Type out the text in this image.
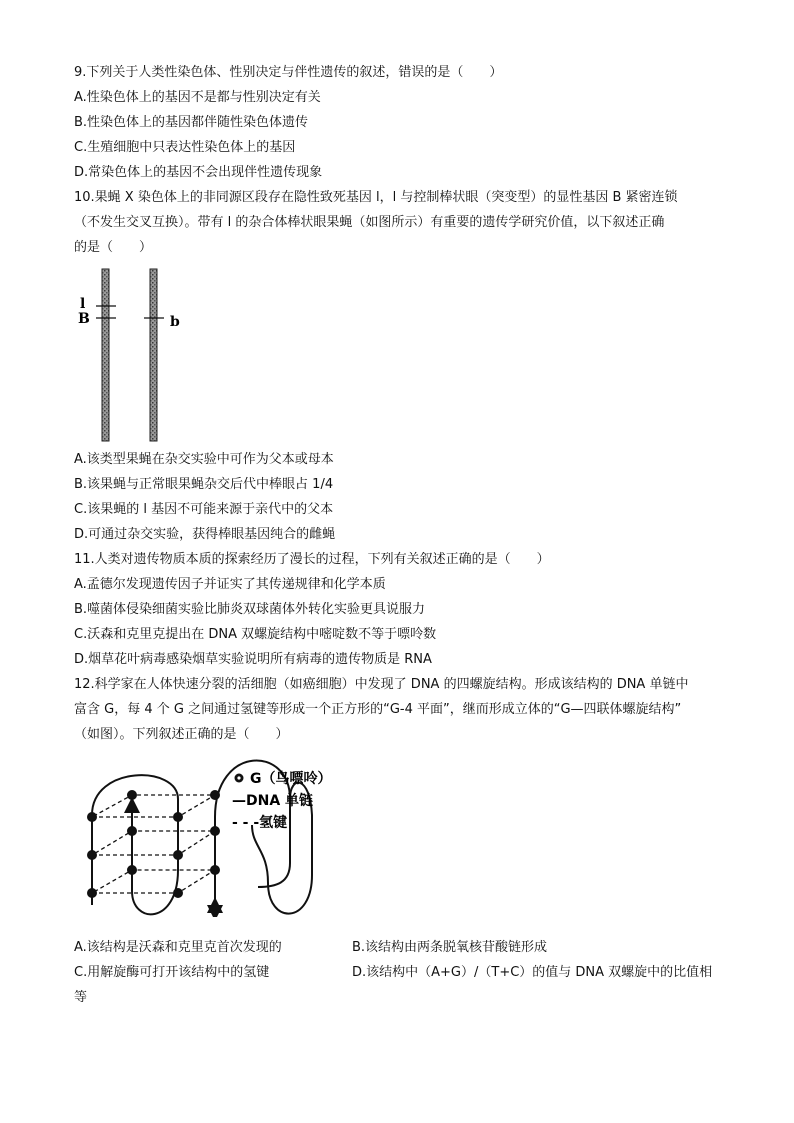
9.下列关于人类性染色体、性别决定与伴性遗传的叙述，错误的是（　　）
A.性染色体上的基因不是都与性别决定有关
B.性染色体上的基因都伴随性染色体遗传
C.生殖细胞中只表达性染色体上的基因
D.常染色体上的基因不会出现伴性遗传现象
10.果蝇 X 染色体上的非同源区段存在隐性致死基因 l，l 与控制棒状眼（突变型）的显性基因 B 紧密连锁
（不发生交叉互换）。带有 l 的杂合体棒状眼果蝇（如图所示）有重要的遗传学研究价值，以下叙述正确
的是（　　）
l
B	b
A.该类型果蝇在杂交实验中可作为父本或母本
B.该果蝇与正常眼果蝇杂交后代中棒眼占 1/4
C.该果蝇的 l 基因不可能来源于亲代中的父本
D.可通过杂交实验，获得棒眼基因纯合的雌蝇
11.人类对遗传物质本质的探索经历了漫长的过程，下列有关叙述正确的是（　　）
A.孟德尔发现遗传因子并证实了其传递规律和化学本质
B.噬菌体侵染细菌实验比肺炎双球菌体外转化实验更具说服力
C.沃森和克里克提出在 DNA 双螺旋结构中嘧啶数不等于嘌呤数
D.烟草花叶病毒感染烟草实验说明所有病毒的遗传物质是 RNA
12.科学家在人体快速分裂的活细胞（如癌细胞）中发现了 DNA 的四螺旋结构。形成该结构的 DNA 单链中
富含 G，每 4 个 G 之间通过氢键等形成一个正方形的“G-4 平面”，继而形成立体的“G—四联体螺旋结构”
（如图）。下列叙述正确的是（　　）
G（鸟嘌呤）
—DNA 单链
- - -氢键
A.该结构是沃森和克里克首次发现的	B.该结构由两条脱氧核苷酸链形成
C.用解旋酶可打开该结构中的氢键	D.该结构中（A+G）/（T+C）的值与 DNA 双螺旋中的比值相
等
